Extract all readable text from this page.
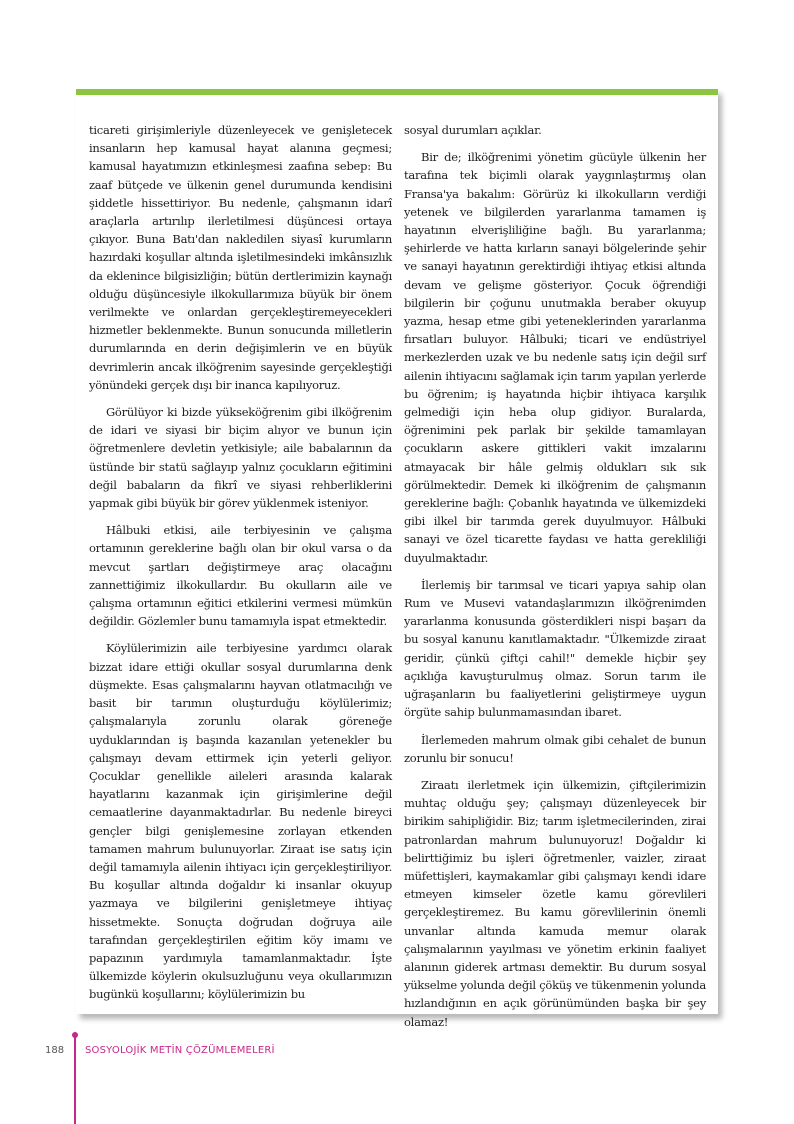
ticareti girişimleriyle düzenleyecek ve genişletecek insanların hep kamusal hayat alanına geçmesi; kamusal hayatımızın etkinleşmesi zaafına sebep: Bu zaaf bütçede ve ülkenin genel durumunda kendisini şiddetle hissettiriyor. Bu nedenle, çalışmanın idarî araçlarla artırılıp ilerletilmesi düşüncesi ortaya çıkıyor. Buna Batı'dan nakledilen siyasî kurumların hazırdaki koşullar altında işletilmesindeki imkânsızlık da eklenince bilgisizliğin; bütün dertlerimizin kaynağı olduğu düşüncesiyle ilkokullarımıza büyük bir önem verilmekte ve onlardan gerçekleştiremeyecekleri hizmetler beklenmekte. Bunun sonucunda milletlerin durumlarında en derin değişimlerin ve en büyük devrimlerin ancak ilköğrenim sayesinde gerçekleştiği yönündeki gerçek dışı bir inanca kapılıyoruz.

Görülüyor ki bizde yükseköğrenim gibi ilköğrenim de idari ve siyasi bir biçim alıyor ve bunun için öğretmenlere devletin yetkisiyle; aile babalarının da üstünde bir statü sağlayıp yalnız çocukların eğitimini değil babaların da fikrî ve siyasi rehberliklerini yapmak gibi büyük bir görev yüklenmek isteniyor.

Hâlbuki etkisi, aile terbiyesinin ve çalışma ortamının gereklerine bağlı olan bir okul varsa o da mevcut şartları değiştirmeye araç olacağını zannettiğimiz ilkokullardır. Bu okulların aile ve çalışma ortamının eğitici etkilerini vermesi mümkün değildir. Gözlemler bunu tamamıyla ispat etmektedir.

Köylülerimizin aile terbiyesine yardımcı olarak bizzat idare ettiği okullar sosyal durumlarına denk düşmekte. Esas çalışmalarını hayvan otlatmacılığı ve basit bir tarımın oluşturduğu köylülerimiz; çalışmalarıyla zorunlu olarak göreneğe uyduklarından iş başında kazanılan yetenekler bu çalışmayı devam ettirmek için yeterli geliyor. Çocuklar genellikle aileleri arasında kalarak hayatlarını kazanmak için girişimlerine değil cemaatlerine dayanmaktadırlar. Bu nedenle bireyci gençler bilgi genişlemesine zorlayan etkenden tamamen mahrum bulunuyorlar. Ziraat ise satış için değil tamamıyla ailenin ihtiyacı için gerçekleştiriliyor. Bu koşullar altında doğaldır ki insanlar okuyup yazmaya ve bilgilerini genişletmeye ihtiyaç hissetmekte. Sonuçta doğrudan doğruya aile tarafından gerçekleştirilen eğitim köy imamı ve papazının yardımıyla tamamlanmaktadır. İşte ülkemizde köylerin okulsuzluğunu veya okullarımızın bugünkü koşullarını; köylülerimizin bu

sosyal durumları açıklar.

Bir de; ilköğrenimi yönetim gücüyle ülkenin her tarafına tek biçimli olarak yaygınlaştırmış olan Fransa'ya bakalım: Görürüz ki ilkokulların verdiği yetenek ve bilgilerden yararlanma tamamen iş hayatının elverişliliğine bağlı. Bu yararlanma; şehirlerde ve hatta kırların sanayi bölgelerinde şehir ve sanayi hayatının gerektirdiği ihtiyaç etkisi altında devam ve gelişme gösteriyor. Çocuk öğrendiği bilgilerin bir çoğunu unutmakla beraber okuyup yazma, hesap etme gibi yeteneklerinden yararlanma fırsatları buluyor. Hâlbuki; ticari ve endüstriyel merkezlerden uzak ve bu nedenle satış için değil sırf ailenin ihtiyacını sağlamak için tarım yapılan yerlerde bu öğrenim; iş hayatında hiçbir ihtiyaca karşılık gelmediği için heba olup gidiyor. Buralarda, öğrenimini pek parlak bir şekilde tamamlayan çocukların askere gittikleri vakit imzalarını atmayacak bir hâle gelmiş oldukları sık sık görülmektedir. Demek ki ilköğrenim de çalışmanın gereklerine bağlı: Çobanlık hayatında ve ülkemizdeki gibi ilkel bir tarımda gerek duyulmuyor. Hâlbuki sanayi ve özel ticarette faydası ve hatta gerekliliği duyulmaktadır.

İlerlemiş bir tarımsal ve ticari yapıya sahip olan Rum ve Musevi vatandaşlarımızın ilköğrenimden yararlanma konusunda gösterdikleri nispi başarı da bu sosyal kanunu kanıtlamaktadır. "Ülkemizde ziraat geridir, çünkü çiftçi cahil!" demekle hiçbir şey açıklığa kavuşturulmuş olmaz. Sorun tarım ile uğraşanların bu faaliyetlerini geliştirmeye uygun örgüte sahip bulunmamasından ibaret.

İlerlemeden mahrum olmak gibi cehalet de bunun zorunlu bir sonucu!

Ziraatı ilerletmek için ülkemizin, çiftçilerimizin muhtaç olduğu şey; çalışmayı düzenleyecek bir birikim sahipliğidir. Biz; tarım işletmecilerinden, zirai patronlardan mahrum bulunuyoruz! Doğaldır ki belirttiğimiz bu işleri öğretmenler, vaizler, ziraat müfettişleri, kaymakamlar gibi çalışmayı kendi idare etmeyen kimseler özetle kamu görevlileri gerçekleştiremez. Bu kamu görevlilerinin önemli unvanlar altında kamuda memur olarak çalışmalarının yayılması ve yönetim erkinin faaliyet alanının giderek artması demektir. Bu durum sosyal yükselme yolunda değil çöküş ve tükenmenin yolunda hızlandığının en açık görünümünden başka bir şey olamaz!

188 SOSYOLOJİK METİN ÇÖZÜMLEMELERİ
